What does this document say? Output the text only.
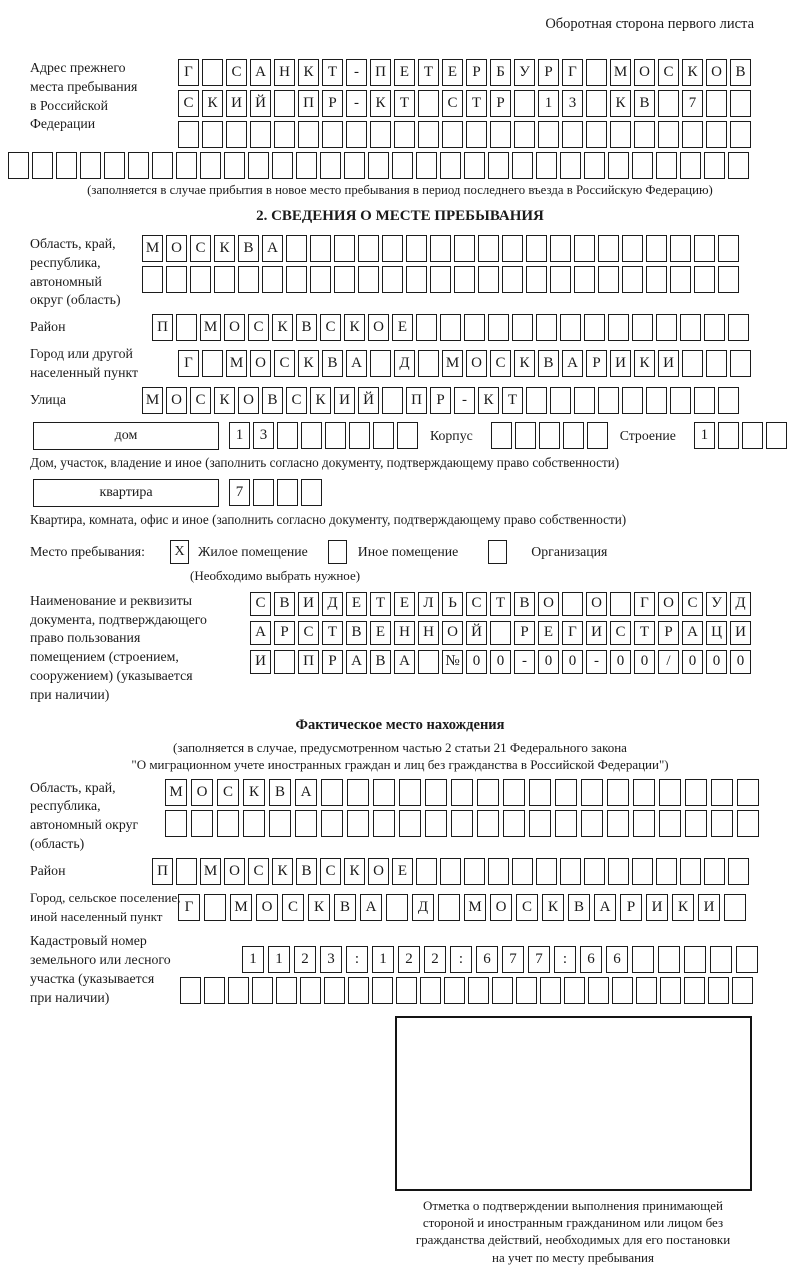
Оборотная сторона первого листа
Адрес прежнего
места пребывания
в Российской
Федерации
Г	С А Н К Т	-	П Е Т Е	Р	Б У Р	Г	М О С К О В
С К И Й	П Р	-	К Т	С Т	Р	1	3	К В	7
(заполняется в случае прибытия в новое место пребывания в период последнего въезда в Российскую Федерацию)
2. СВЕДЕНИЯ О МЕСТЕ ПРЕБЫВАНИЯ
Область, край,
республика,
автономный
округ (область)
М О С К В А
Район	П	М О С К В С К О Е
Город или другой
населенный пункт
Г	М О С К В А	Д	М О С К В А Р И К И
Улица	М О С К О В С К И Й	П Р	-	К Т
дом	1	3	Корпус	Строение	1
Дом, участок, владение и иное (заполнить согласно документу, подтверждающему право собственности)
квартира	7
Квартира, комната, офис и иное (заполнить согласно документу, подтверждающему право собственности)
Место пребывания:	X Жилое помещение	Иное помещение	Организация
(Необходимо выбрать нужное)
Наименование и реквизиты
документа, подтверждающего
право пользования
помещением (строением,
сооружением) (указывается
при наличии)
С В И Д Е Т Е Л Ь С Т В О	О	Г О С У Д
А Р С Т В Е Н Н О Й	Р	Е	Г И С Т	Р А Ц И
И	П Р А В А	№ 0	0	-	0	0	-	0	0	/	0	0	0
Фактическое место нахождения
(заполняется в случае, предусмотренном частью 2 статьи 21 Федерального закона
"О миграционном учете иностранных граждан и лиц без гражданства в Российской Федерации")
Область, край,
республика,
автономный округ
(область)
М О	С	К	В	А
Район	П	М О С К В С К О Е
Город, сельское поселение,
иной населенный пункт
Г	М О	С	К	В	А	Д	М О	С	К	В	А	Р	И	К	И
Кадастровый номер
земельного или лесного
участка (указывается
при наличии)
1	1	2	3	:	1	2	2	:	6	7	7	:	6	6
Отметка о подтверждении выполнения принимающей
стороной и иностранным гражданином или лицом без
гражданства действий, необходимых для его постановки
на учет по месту пребывания
